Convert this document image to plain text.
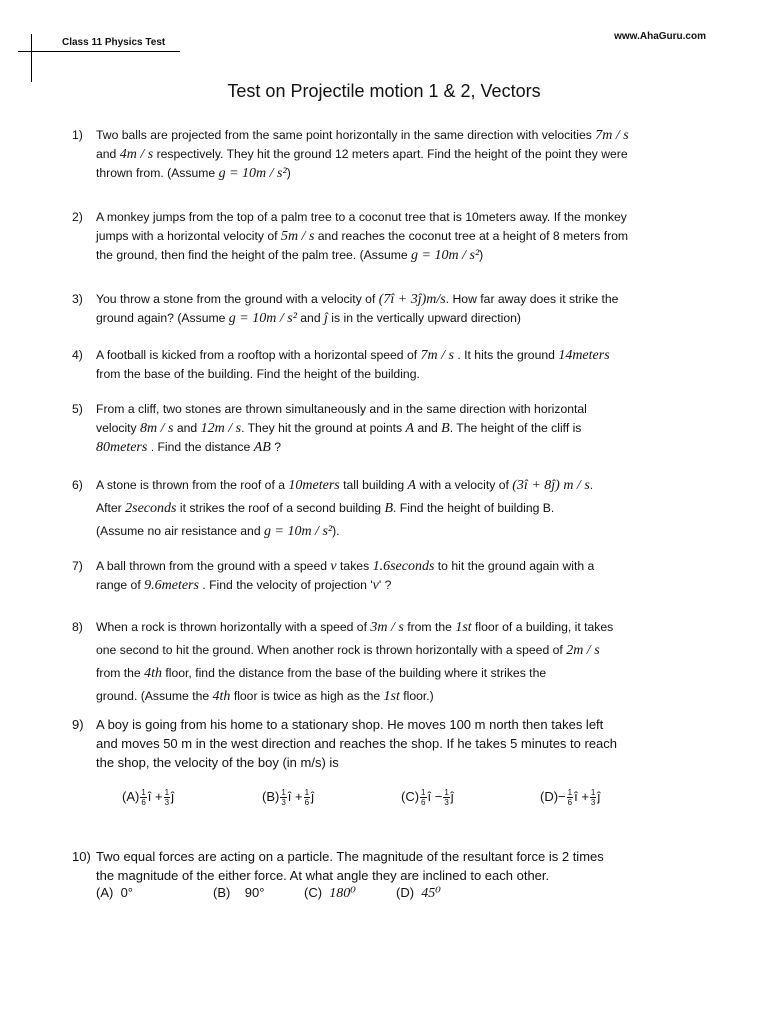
Class 11 Physics Test
www.AhaGuru.com
Test on Projectile motion 1 & 2, Vectors
1) Two balls are projected from the same point horizontally in the same direction with velocities 7m / s
and 4m / s respectively. They hit the ground 12 meters apart. Find the height of the point they were
thrown from. (Assume g = 10m / s²)
2) A monkey jumps from the top of a palm tree to a coconut tree that is 10meters away. If the monkey
jumps with a horizontal velocity of 5m / s and reaches the coconut tree at a height of 8 meters from
the ground, then find the height of the palm tree. (Assume g = 10m / s²)
3) You throw a stone from the ground with a velocity of (7î + 3ĵ)m/s. How far away does it strike the
ground again? (Assume g = 10m / s² and ĵ is in the vertically upward direction)
4) A football is kicked from a rooftop with a horizontal speed of 7m / s . It hits the ground 14meters
from the base of the building. Find the height of the building.
5) From a cliff, two stones are thrown simultaneously and in the same direction with horizontal
velocity 8m / s and 12m / s. They hit the ground at points A and B. The height of the cliff is
80meters . Find the distance AB ?
6) A stone is thrown from the roof of a 10meters tall building A with a velocity of (3î + 8ĵ) m / s.
After 2seconds it strikes the roof of a second building B. Find the height of building B.
(Assume no air resistance and g = 10m / s²).
7) A ball thrown from the ground with a speed v takes 1.6seconds to hit the ground again with a
range of 9.6meters . Find the velocity of projection 'v' ?
8) When a rock is thrown horizontally with a speed of 3m / s from the 1st floor of a building, it takes
one second to hit the ground. When another rock is thrown horizontally with a speed of 2m / s
from the 4th floor, find the distance from the base of the building where it strikes the
ground. (Assume the 4th floor is twice as high as the 1st floor.)
9) A boy is going from his home to a stationary shop. He moves 100 m north then takes left
and moves 50 m in the west direction and reaches the shop. If he takes 5 minutes to reach
the shop, the velocity of the boy (in m/s) is
$(A) \frac{1}{6}$ î + $\frac{1}{3}$ ĵ	$(B) \frac{1}{3}$ î + $\frac{1}{6}$ ĵ	$(C) \frac{1}{6}$ î − $\frac{1}{3}$ ĵ	$(D)- \frac{1}{6}$ î + $\frac{1}{3}$ ĵ
10) Two equal forces are acting on a particle. The magnitude of the resultant force is 2 times
the magnitude of the either force. At what angle they are inclined to each other.
(A) 0°	(B) 90°	(C) 180⁰	(D) 45⁰
